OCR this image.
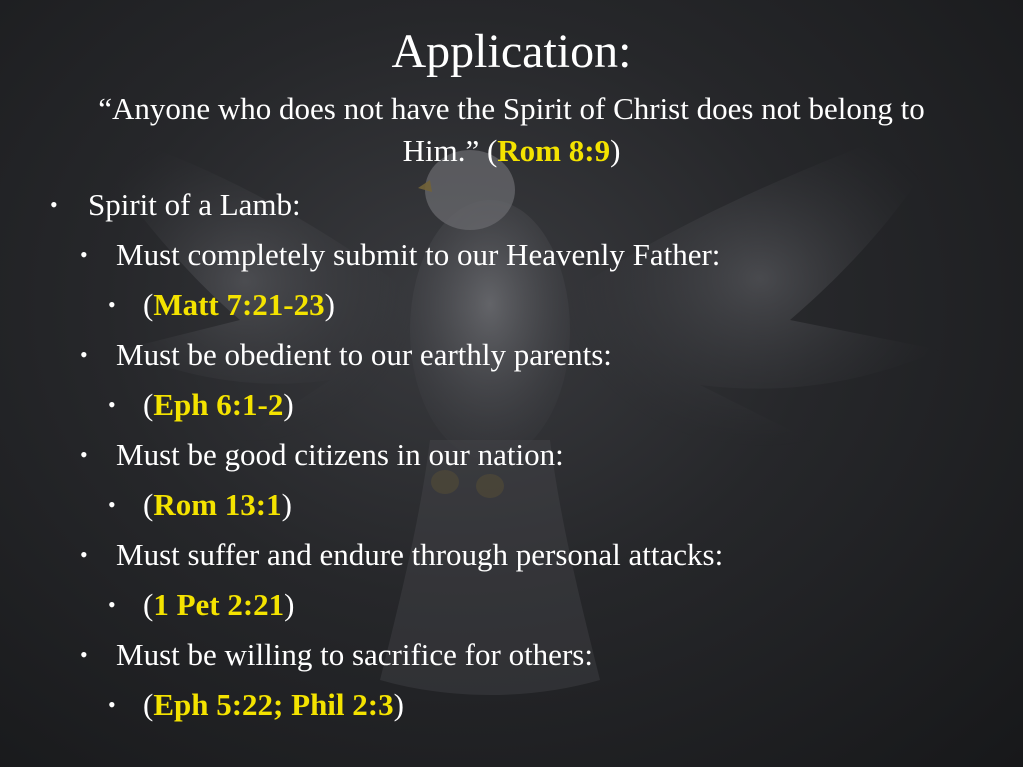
Application:

“Anyone who does not have the Spirit of Christ does not belong to Him.” (Rom 8:9)

• Spirit of a Lamb:
• Must completely submit to our Heavenly Father:
• (Matt 7:21-23)
• Must be obedient to our earthly parents:
• (Eph 6:1-2)
• Must be good citizens in our nation:
• (Rom 13:1)
• Must suffer and endure through personal attacks:
• (1 Pet 2:21)
• Must be willing to sacrifice for others:
• (Eph 5:22; Phil 2:3)
